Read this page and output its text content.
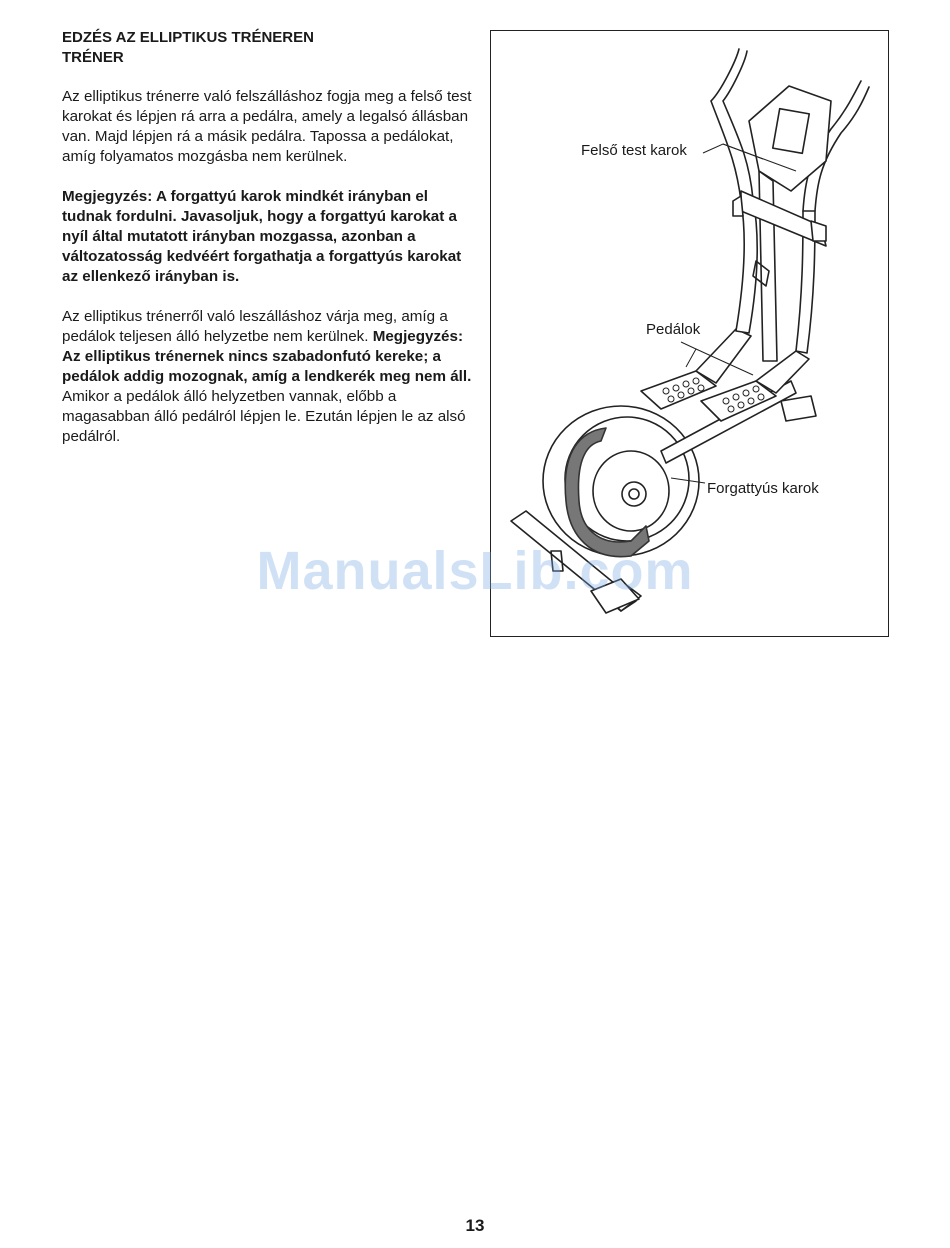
EDZÉS AZ ELLIPTIKUS TRÉNEREN
TRÉNER

Az elliptikus trénerre való felszálláshoz fogja meg a felső test karokat és lépjen rá arra a pedálra, amely a legalsó állásban van. Majd lépjen rá a másik pedálra. Tapossa a pedálokat, amíg folyamatos mozgásba nem kerülnek.

Megjegyzés: A forgattyú karok mindkét irányban el tudnak fordulni. Javasoljuk, hogy a forgattyú karokat a nyíl által mutatott irányban mozgassa, azonban a változatosság kedvéért forgathatja a forgattyús karokat az ellenkező irányban is.

Az elliptikus trénerről való leszálláshoz várja meg, amíg a pedálok teljesen álló helyzetbe nem kerülnek. Megjegyzés: Az elliptikus trénernek nincs szabadonfutó kereke; a pedálok addig mozognak, amíg a lendkerék meg nem áll. Amikor a pedálok álló helyzetben vannak, előbb a magasabban álló pedálról lépjen le. Ezután lépjen le az alsó pedálról.

Felső test karok
Pedálok
Forgattyús karok
ManualsLib.com
13
